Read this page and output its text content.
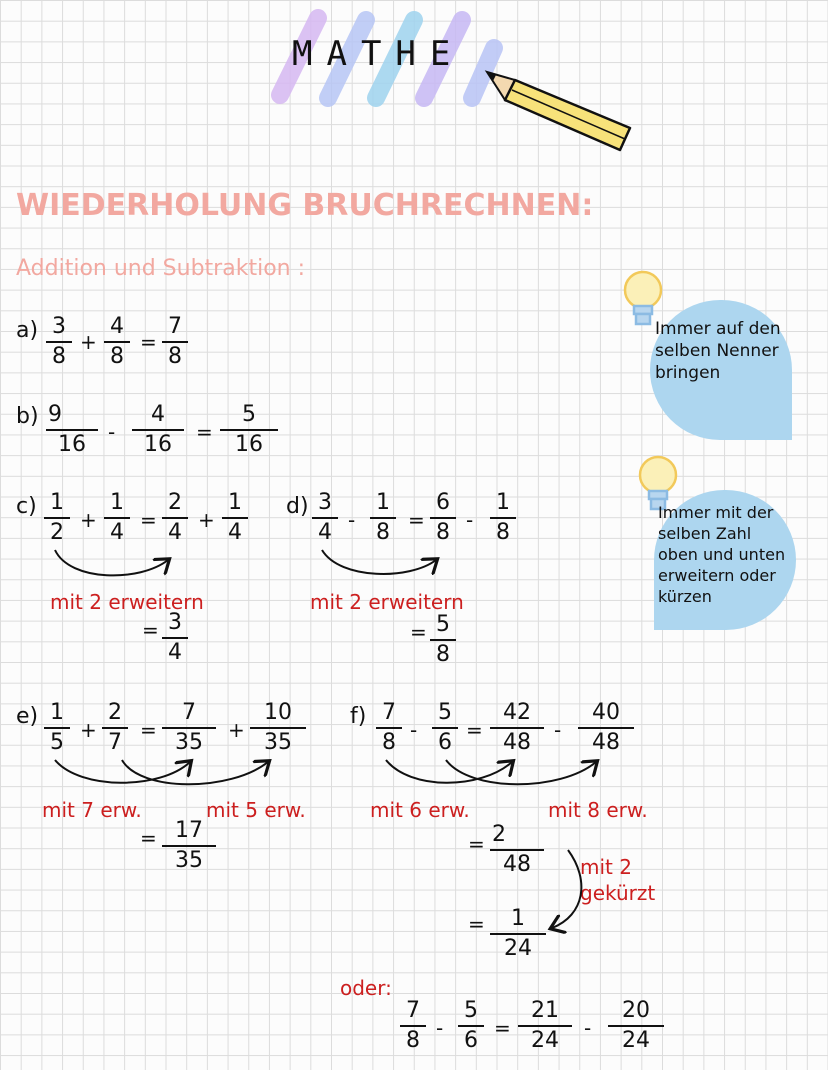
MATHE
WIEDERHOLUNG BRUCHRECHNEN:
Addition und Subtraktion :
Immer auf den selben Nenner bringen
Immer mit der selben Zahl oben und unten erweitern oder kürzen
$a) \frac{3}{8} + \frac{4}{8} = \frac{7}{8}$
$b) \frac{9}{16} - \frac{4}{16} = \frac{5}{16}$
$c) \frac{1}{2} + \frac{1}{4} = \frac{2}{4} + \frac{1}{4}$
mit 2 erweitern
= $\frac{3}{4}$
$d) \frac{3}{4} - \frac{1}{8} = \frac{6}{8} - \frac{1}{8}$
mit 2 erweitern
= $\frac{5}{8}$
$e) \frac{1}{5} + \frac{2}{7} = \frac{7}{35} + \frac{10}{35}$
mit 7 erw.	mit 5 erw.
= $\frac{17}{35}$
$f) \frac{7}{8} - \frac{5}{6} = \frac{42}{48} - \frac{40}{48}$
mit 6 erw.	mit 8 erw.
= $\frac{2}{48}$ mit 2 gekürzt
= $\frac{1}{24}$
oder:
$\frac{7}{8} - \frac{5}{6} = \frac{21}{24} - \frac{20}{24}$
